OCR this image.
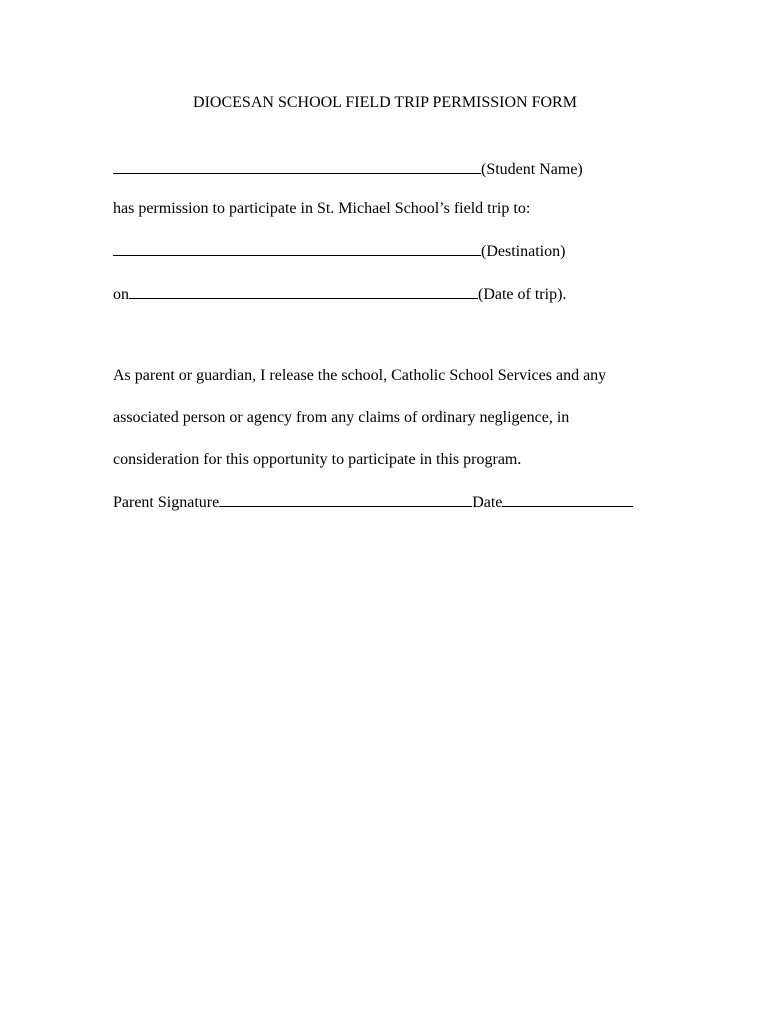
DIOCESAN SCHOOL FIELD TRIP PERMISSION FORM
(Student Name)
has permission to participate in St. Michael School’s field trip to:
(Destination)
on	(Date of trip).
As parent or guardian, I release the school, Catholic School Services and any
associated person or agency from any claims of ordinary negligence, in
consideration for this opportunity to participate in this program.
Parent Signature	Date
